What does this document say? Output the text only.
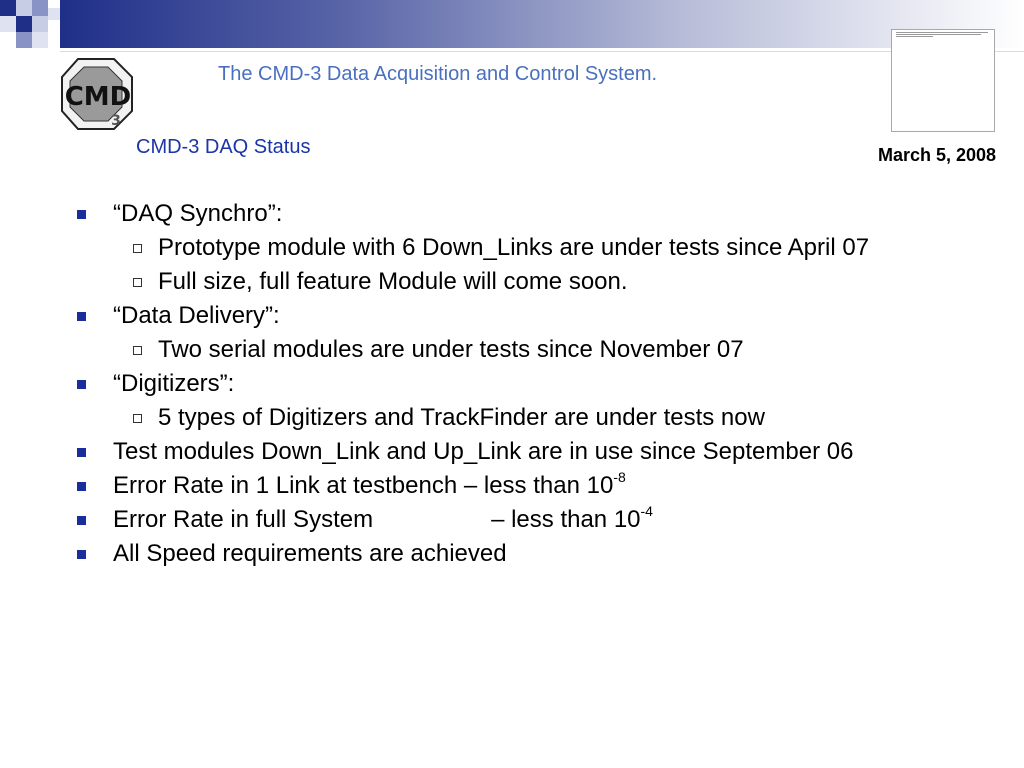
CMD
3
The CMD-3 Data Acquisition and Control System.
CMD-3 DAQ Status	March 5, 2008
“DAQ Synchro”:
Prototype module with 6 Down_Links are under tests since April 07
Full size, full feature Module will come soon.
“Data Delivery”:
Two serial modules are under tests since November 07
“Digitizers”:
5 types of Digitizers and TrackFinder are under tests now
Test modules Down_Link and Up_Link are in use since September 06
Error Rate in 1 Link at testbench – less than $10^{-8}$
Error Rate in full System	– less than $10^{-4}$
All Speed requirements are achieved
